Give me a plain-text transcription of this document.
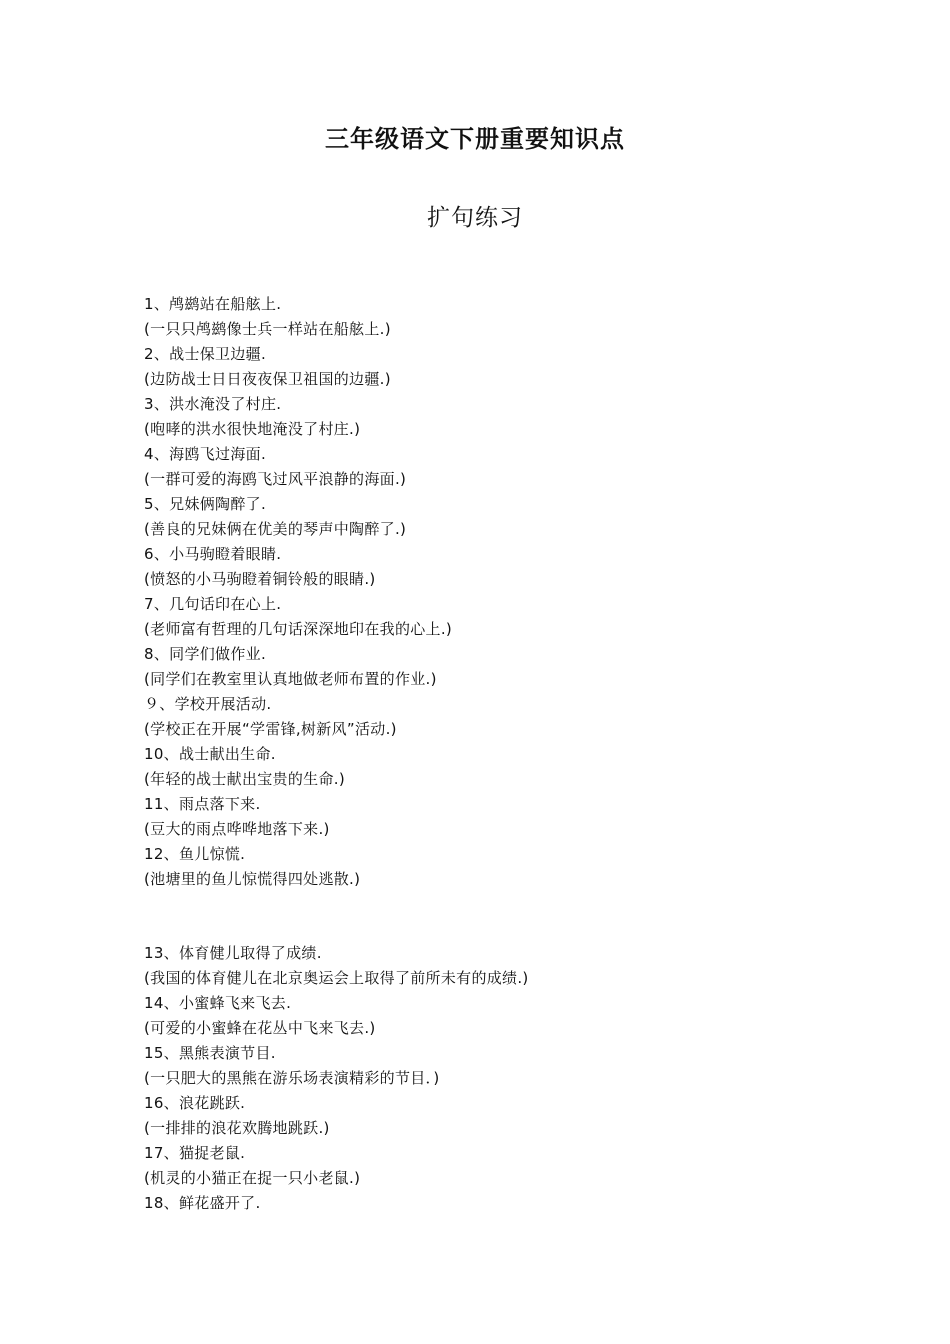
三年级语文下册重要知识点
扩句练习
1、鸬鹚站在船舷上.
(一只只鸬鹚像士兵一样站在船舷上.)
2、战士保卫边疆.
(边防战士日日夜夜保卫祖国的边疆.)
3、洪水淹没了村庄.
(咆哮的洪水很快地淹没了村庄.)
4、海鸥飞过海面.
(一群可爱的海鸥飞过风平浪静的海面.)
5、兄妹俩陶醉了.
(善良的兄妹俩在优美的琴声中陶醉了.)
6、小马驹瞪着眼睛.
(愤怒的小马驹瞪着铜铃般的眼睛.)
7、几句话印在心上.
(老师富有哲理的几句话深深地印在我的心上.)
8、同学们做作业.
(同学们在教室里认真地做老师布置的作业.)
９、学校开展活动.
(学校正在开展“学雷锋,树新风”活动.)
10、战士献出生命.
(年轻的战士献出宝贵的生命.)
11、雨点落下来.
(豆大的雨点哗哗地落下来.)
12、鱼儿惊慌.
(池塘里的鱼儿惊慌得四处逃散.)
13、体育健儿取得了成绩.
(我国的体育健儿在北京奥运会上取得了前所未有的成绩.)
14、小蜜蜂飞来飞去.
(可爱的小蜜蜂在花丛中飞来飞去.)
15、黑熊表演节目.
(一只肥大的黑熊在游乐场表演精彩的节目．)
16、浪花跳跃.
(一排排的浪花欢腾地跳跃.)
17、猫捉老鼠.
(机灵的小猫正在捉一只小老鼠.)
18、鲜花盛开了.
